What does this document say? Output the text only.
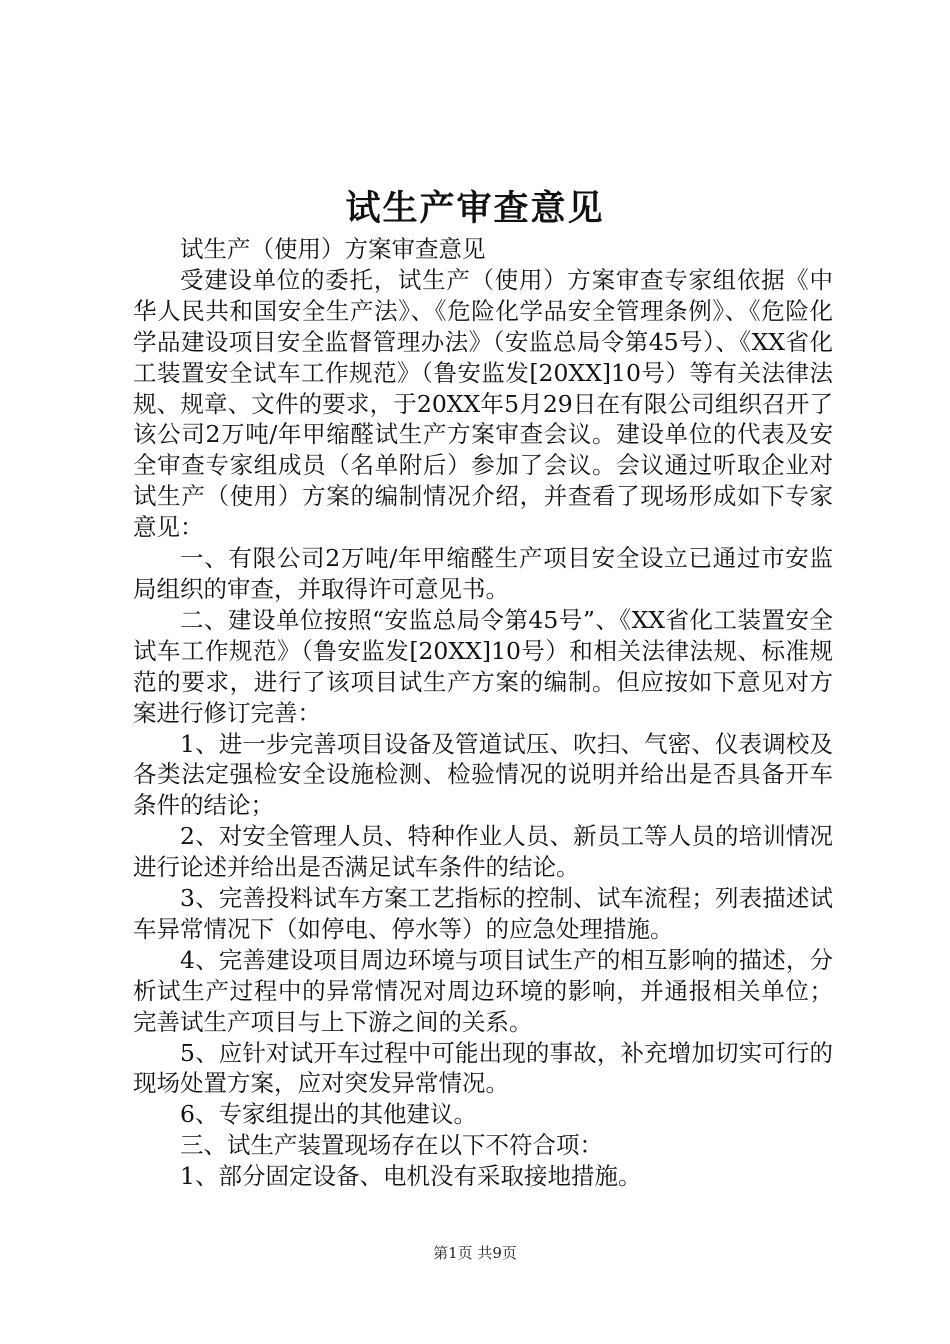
试生产审查意见

试生产（使用）方案审查意见

受建设单位的委托，试生产（使用）方案审查专家组依据《中华人民共和国安全生产法》、《危险化学品安全管理条例》、《危险化学品建设项目安全监督管理办法》（安监总局令第45号）、《XX省化工装置安全试车工作规范》（鲁安监发[20XX]10号）等有关法律法规、规章、文件的要求，于20XX年5月29日在有限公司组织召开了该公司2万吨/年甲缩醛试生产方案审查会议。建设单位的代表及安全审查专家组成员（名单附后）参加了会议。会议通过听取企业对试生产（使用）方案的编制情况介绍，并查看了现场形成如下专家意见：

一、有限公司2万吨/年甲缩醛生产项目安全设立已通过市安监局组织的审查，并取得许可意见书。

二、建设单位按照“安监总局令第45号”、《XX省化工装置安全试车工作规范》（鲁安监发[20XX]10号）和相关法律法规、标准规范的要求，进行了该项目试生产方案的编制。但应按如下意见对方案进行修订完善：

1、进一步完善项目设备及管道试压、吹扫、气密、仪表调校及各类法定强检安全设施检测、检验情况的说明并给出是否具备开车条件的结论；

2、对安全管理人员、特种作业人员、新员工等人员的培训情况进行论述并给出是否满足试车条件的结论。

3、完善投料试车方案工艺指标的控制、试车流程；列表描述试车异常情况下（如停电、停水等）的应急处理措施。

4、完善建设项目周边环境与项目试生产的相互影响的描述，分析试生产过程中的异常情况对周边环境的影响，并通报相关单位；完善试生产项目与上下游之间的关系。

5、应针对试开车过程中可能出现的事故，补充增加切实可行的现场处置方案，应对突发异常情况。

6、专家组提出的其他建议。

三、试生产装置现场存在以下不符合项：

1、部分固定设备、电机没有采取接地措施。

第1页 共9页
